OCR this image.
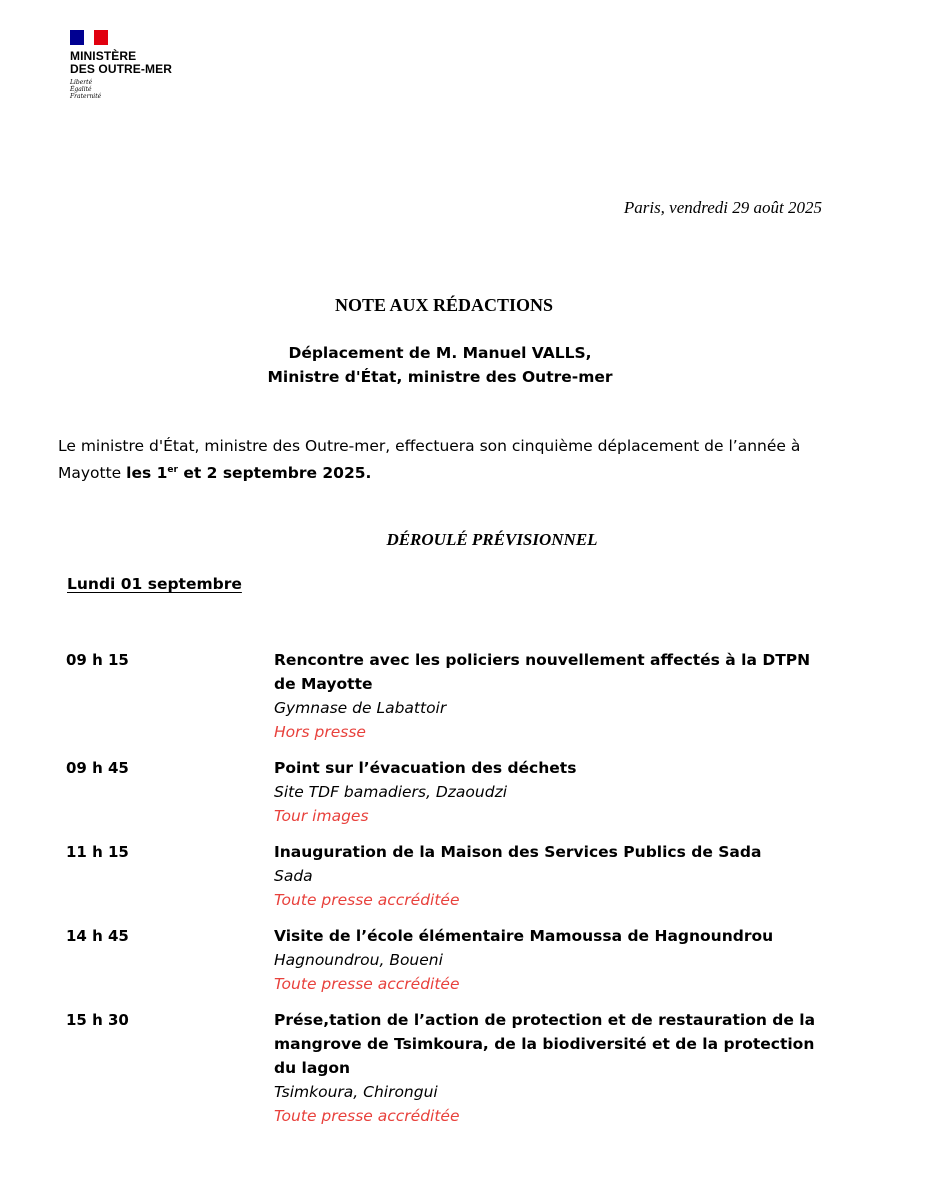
MINISTÈRE
DES OUTRE-MER
Liberté
Égalité
Fraternité
Paris, vendredi 29 août 2025
NOTE AUX RÉDACTIONS
Déplacement de M. Manuel VALLS,
Ministre d'État, ministre des Outre-mer
Le ministre d'État, ministre des Outre-mer, effectuera son cinquième déplacement de l’année à Mayotte les 1er et 2 septembre 2025.
DÉROULÉ PRÉVISIONNEL
Lundi 01 septembre
09 h 15	Rencontre avec les policiers nouvellement affectés à la DTPN de Mayotte
Gymnase de Labattoir
Hors presse
09 h 45	Point sur l’évacuation des déchets
Site TDF bamadiers, Dzaoudzi
Tour images
11 h 15	Inauguration de la Maison des Services Publics de Sada
Sada
Toute presse accréditée
14 h 45	Visite de l’école élémentaire Mamoussa de Hagnoundrou
Hagnoundrou, Boueni
Toute presse accréditée
15 h 30	Prése,tation de l’action de protection et de restauration de la mangrove de Tsimkoura, de la biodiversité et de la protection du lagon
Tsimkoura, Chirongui
Toute presse accréditée
